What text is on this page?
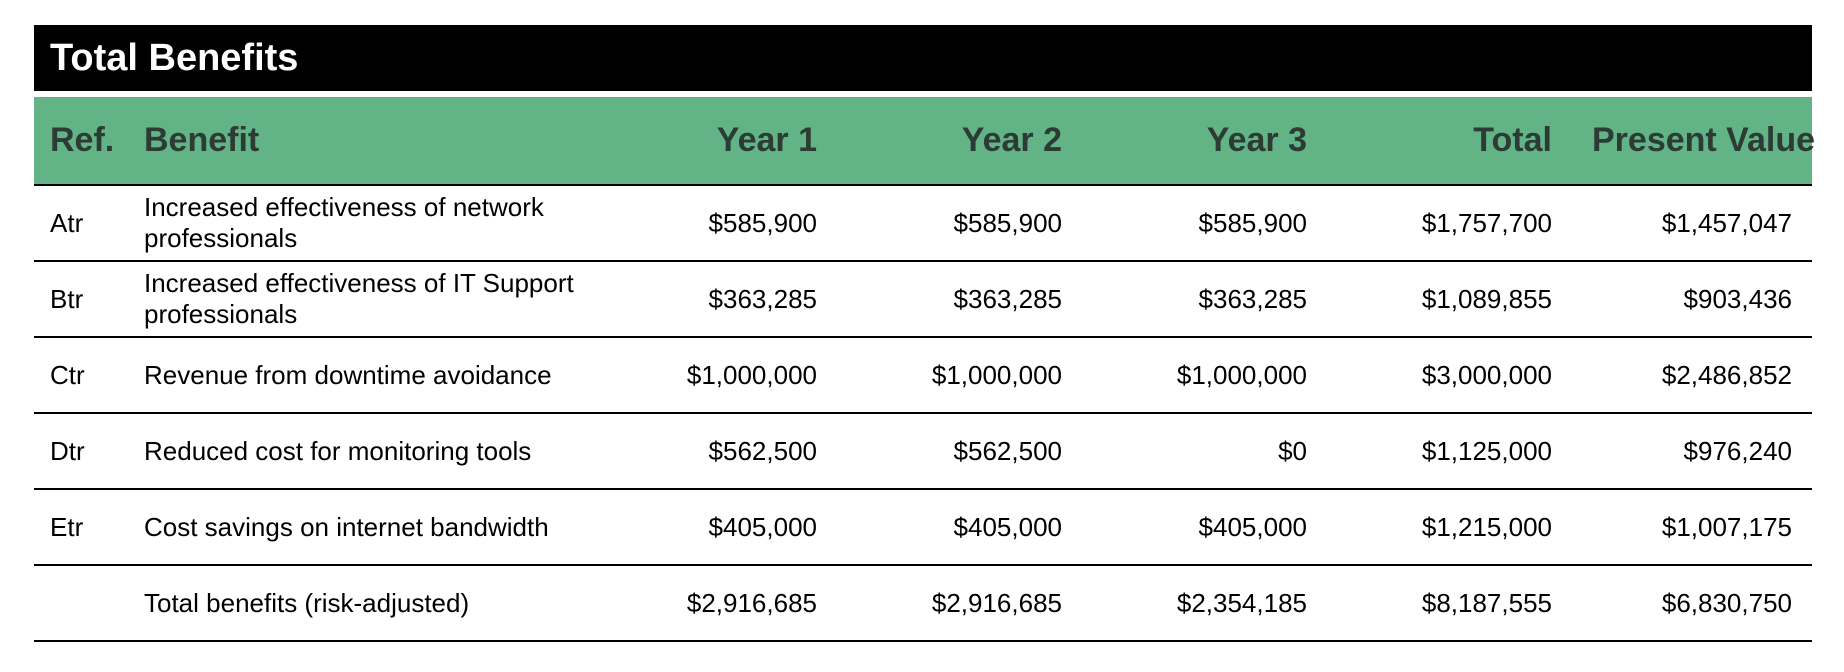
Total Benefits
Ref.	Benefit	Year 1	Year 2	Year 3	Total	Present Value
Atr	Increased effectiveness of network professionals	$585,900	$585,900	$585,900	$1,757,700	$1,457,047
Btr	Increased effectiveness of IT Support professionals	$363,285	$363,285	$363,285	$1,089,855	$903,436
Ctr	Revenue from downtime avoidance	$1,000,000	$1,000,000	$1,000,000	$3,000,000	$2,486,852
Dtr	Reduced cost for monitoring tools	$562,500	$562,500	$0	$1,125,000	$976,240
Etr	Cost savings on internet bandwidth	$405,000	$405,000	$405,000	$1,215,000	$1,007,175
	Total benefits (risk-adjusted)	$2,916,685	$2,916,685	$2,354,185	$8,187,555	$6,830,750
